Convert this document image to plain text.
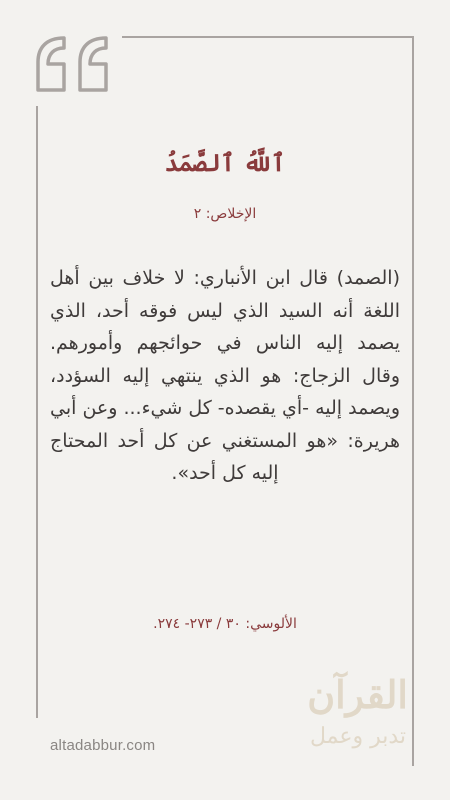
ٱللَّهُ ٱلصَّمَدُ
الإخلاص: ٢
(الصمد) قال ابن الأنباري: لا خلاف بين أهل اللغة أنه السيد الذي ليس فوقه أحد، الذي يصمد إليه الناس في حوائجهم وأمورهم. وقال الزجاج: هو الذي ينتهي إليه السؤدد، ويصمد إليه -أي يقصده- كل شيء... وعن أبي هريرة: «هو المستغني عن كل أحد المحتاج إليه كل أحد».
الألوسي: ٣٠ / ٢٧٣- ٢٧٤.
altadabbur.com
القرآن
تدبر وعمل
